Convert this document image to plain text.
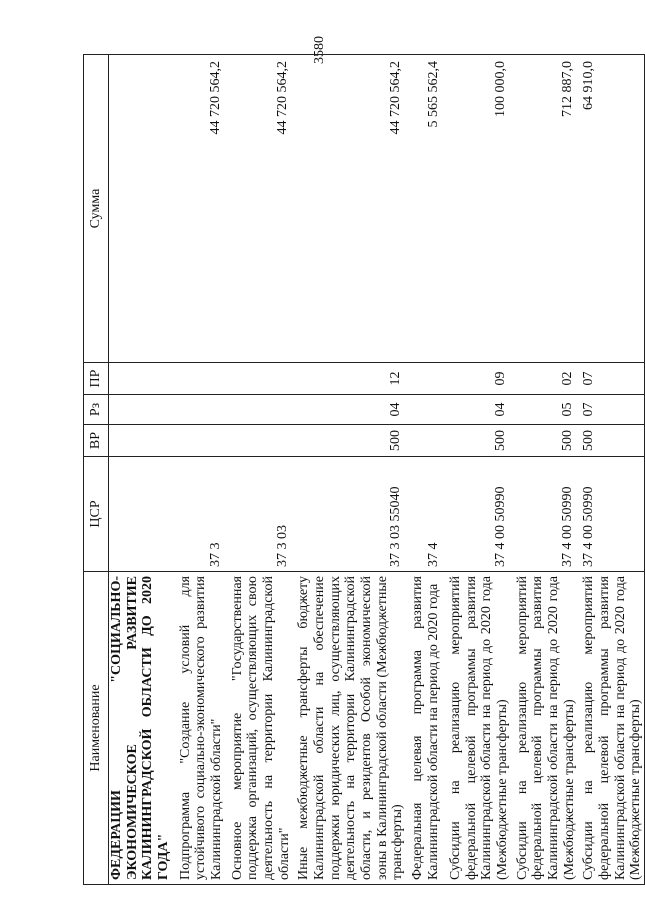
3580
Наименование	ЦСР	ВР	Рз	ПР	Сумма
ФЕДЕРАЦИИ "СОЦИАЛЬНО-ЭКОНОМИЧЕСКОЕ РАЗВИТИЕ КАЛИНИНГРАДСКОЙ ОБЛАСТИ ДО 2020 ГОДА"					
Подпрограмма "Создание условий для устойчивого социально-экономического развития Калининградской области"	37 3				44 720 564,2
Основное мероприятие "Государственная поддержка организаций, осуществляющих свою деятельность на территории Калининградской области"	37 3 03				44 720 564,2
Иные межбюджетные трансферты бюджету Калининградской области на обеспечение поддержки юридических лиц, осуществляющих деятельность на территории Калининградской области, и резидентов Особой экономической зоны в Калининградской области (Межбюджетные трансферты)	37 3 03 55040	500	04	12	44 720 564,2
Федеральная целевая программа развития Калининградской области на период до 2020 года	37 4				5 565 562,4
Субсидии на реализацию мероприятий федеральной целевой программы развития Калининградской области на период до 2020 года (Межбюджетные трансферты)	37 4 00 50990	500	04	09	100 000,0
Субсидии на реализацию мероприятий федеральной целевой программы развития Калининградской области на период до 2020 года (Межбюджетные трансферты)	37 4 00 50990	500	05	02	712 887,0
Субсидии на реализацию мероприятий федеральной целевой программы развития Калининградской области на период до 2020 года (Межбюджетные трансферты)	37 4 00 50990	500	07	07	64 910,0
